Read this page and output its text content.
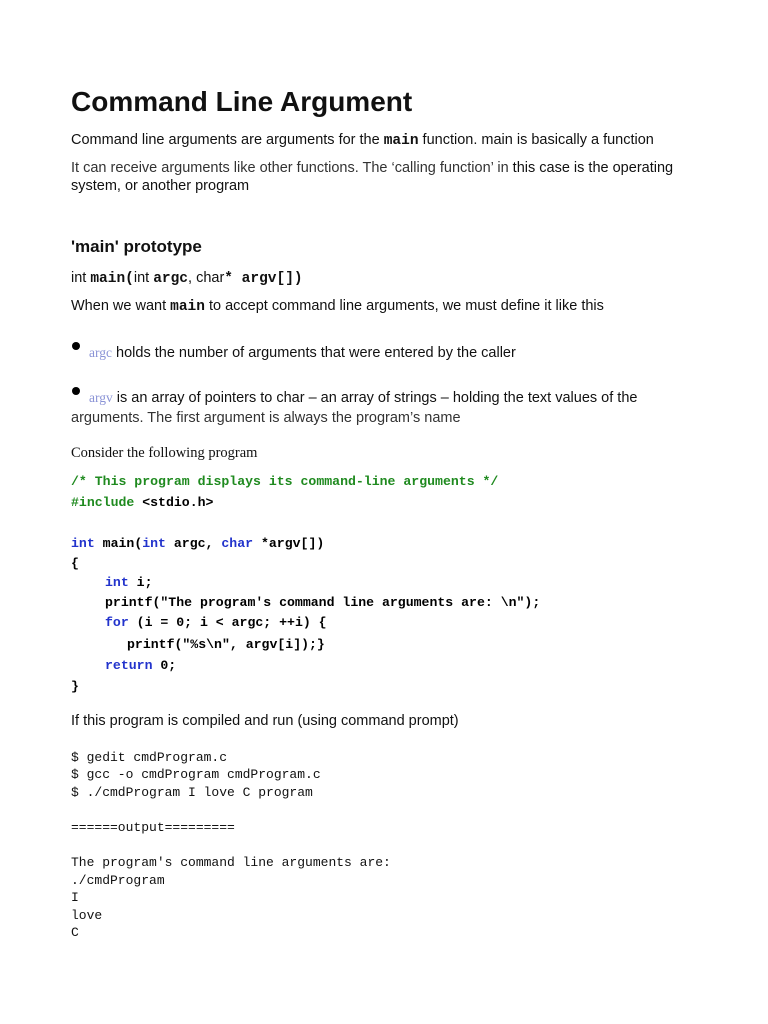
Command Line Argument
Command line arguments are arguments for the main function. main is basically a function
It can receive arguments like other functions. The ‘calling function’ in this case is the operating
system, or another program
'main' prototype
int main(int argc, char* argv[])
When we want main to accept command line arguments, we must define it like this
argc holds the number of arguments that were entered by the caller
argv is an array of pointers to char – an array of strings – holding the text values of the
arguments. The first argument is always the program’s name
Consider the following program
/* This program displays its command-line arguments */
#include <stdio.h>
int main(int argc, char *argv[])
{
int i;
printf("The program's command line arguments are: \n");
for (i = 0; i < argc; ++i) {
printf("%s\n", argv[i]);}
return 0;
}
If this program is compiled and run (using command prompt)
$ gedit cmdProgram.c
$ gcc -o cmdProgram cmdProgram.c
$ ./cmdProgram I love C program
======output=========
The program's command line arguments are:
./cmdProgram
I
love
C
